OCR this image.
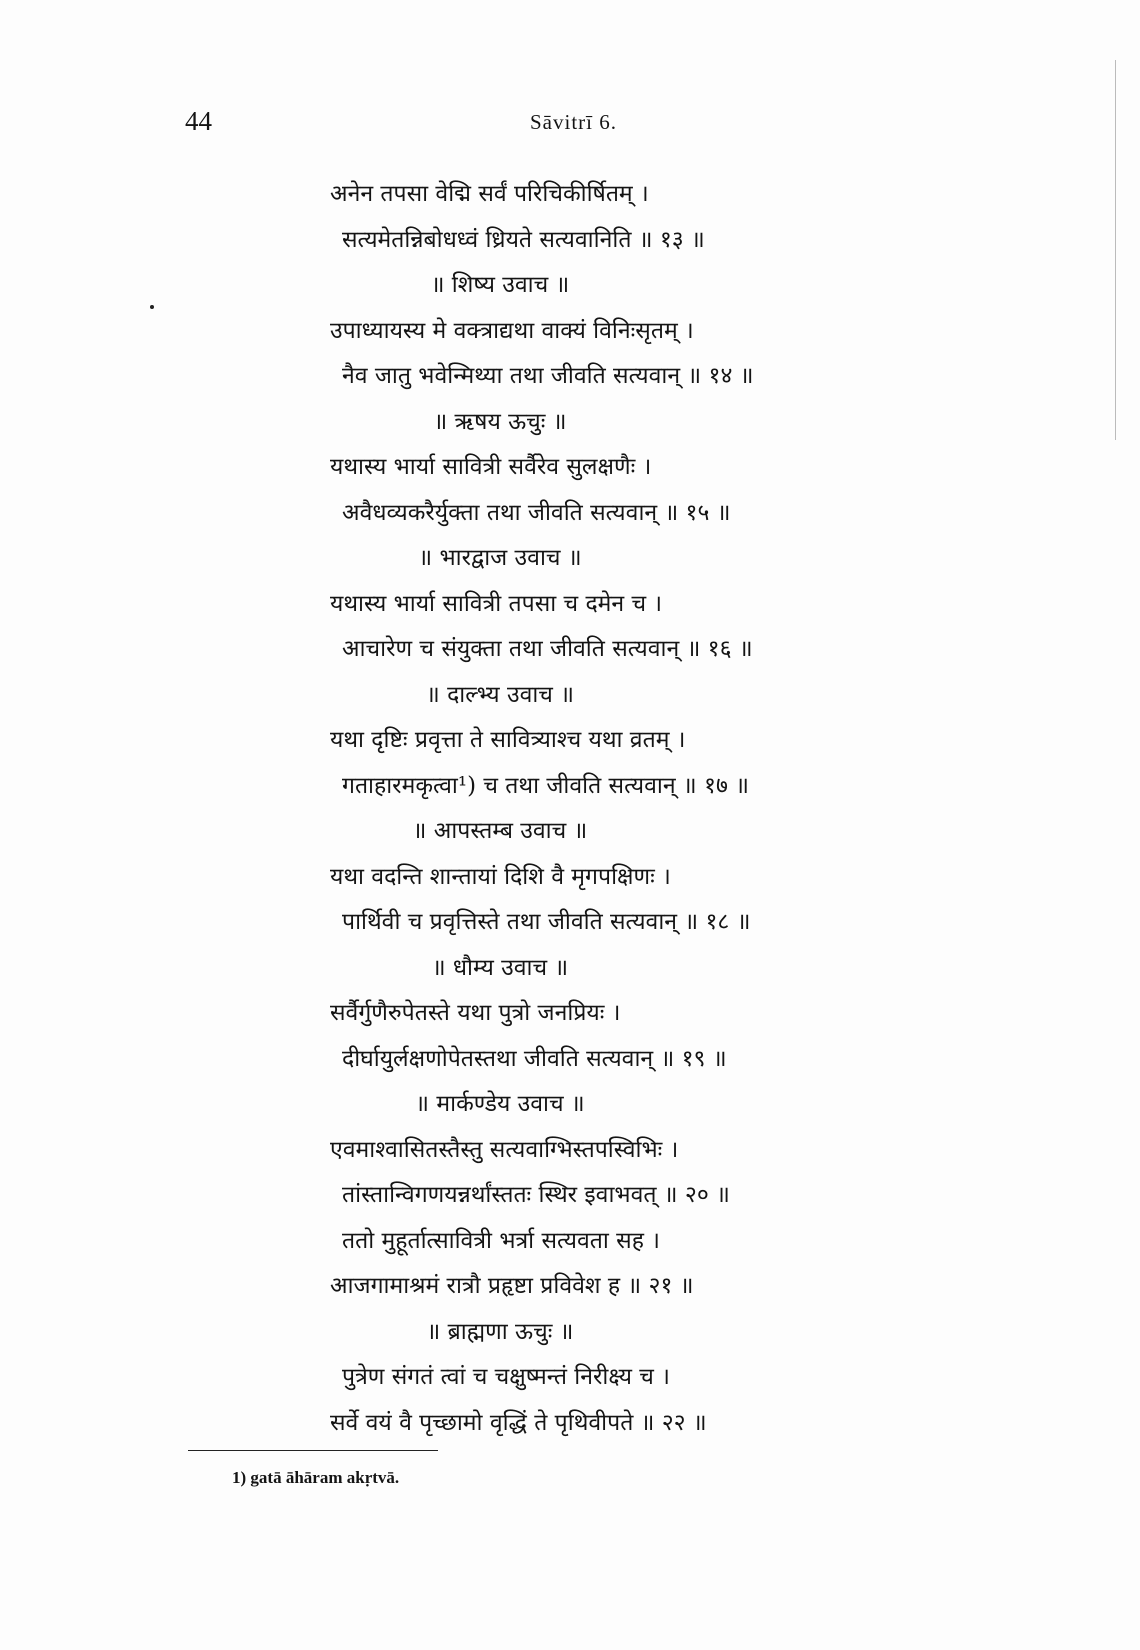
44	Sāvitrī 6.
अनेन तपसा वेद्मि सर्वं परिचिकीर्षितम् ।
सत्यमेतन्निबोधध्वं ध्रियते सत्यवानिति ॥ १३ ॥
॥ शिष्य उवाच ॥
उपाध्यायस्य मे वक्त्राद्यथा वाक्यं विनिःसृतम् ।
नैव जातु भवेन्मिथ्या तथा जीवति सत्यवान् ॥ १४ ॥
॥ ऋषय ऊचुः ॥
यथास्य भार्या सावित्री सर्वैरेव सुलक्षणैः ।
अवैधव्यकरैर्युक्ता तथा जीवति सत्यवान् ॥ १५ ॥
॥ भारद्वाज उवाच ॥
यथास्य भार्या सावित्री तपसा च दमेन च ।
आचारेण च संयुक्ता तथा जीवति सत्यवान् ॥ १६ ॥
॥ दाल्भ्य उवाच ॥
यथा दृष्टिः प्रवृत्ता ते सावित्र्याश्च यथा व्रतम् ।
गताहारमकृत्वा¹) च तथा जीवति सत्यवान् ॥ १७ ॥
॥ आपस्तम्ब उवाच ॥
यथा वदन्ति शान्तायां दिशि वै मृगपक्षिणः ।
पार्थिवी च प्रवृत्तिस्ते तथा जीवति सत्यवान् ॥ १८ ॥
॥ धौम्य उवाच ॥
सर्वैर्गुणैरुपेतस्ते यथा पुत्रो जनप्रियः ।
दीर्घायुर्लक्षणोपेतस्तथा जीवति सत्यवान् ॥ १९ ॥
॥ मार्कण्डेय उवाच ॥
एवमाश्वासितस्तैस्तु सत्यवाग्भिस्तपस्विभिः ।
तांस्तान्विगणयन्नर्थांस्ततः स्थिर इवाभवत् ॥ २० ॥
ततो मुहूर्तात्सावित्री भर्त्रा सत्यवता सह ।
आजगामाश्रमं रात्रौ प्रहृष्टा प्रविवेश ह ॥ २१ ॥
॥ ब्राह्मणा ऊचुः ॥
पुत्रेण संगतं त्वां च चक्षुष्मन्तं निरीक्ष्य च ।
सर्वे वयं वै पृच्छामो वृद्धिं ते पृथिवीपते ॥ २२ ॥
1) gatā āhāram akṛtvā.
